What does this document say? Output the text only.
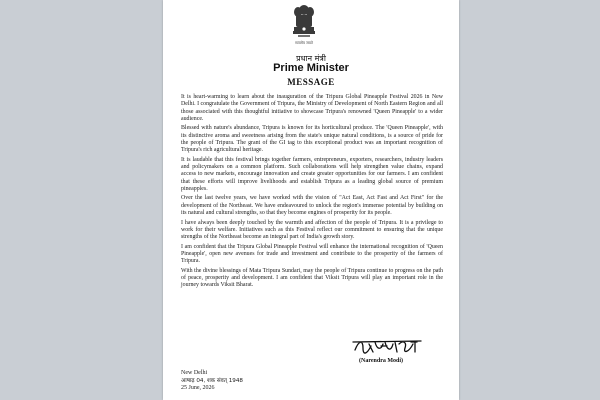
सत्यमेव जयते
प्रधान मंत्री
Prime Minister
MESSAGE

It is heart-warming to learn about the inauguration of the Tripura Global Pineapple Festival 2026 in New Delhi. I congratulate the Government of Tripura, the Ministry of Development of North Eastern Region and all those associated with this thoughtful initiative to showcase Tripura's renowned 'Queen Pineapple' to a wider audience.

Blessed with nature's abundance, Tripura is known for its horticultural produce. The 'Queen Pineapple', with its distinctive aroma and sweetness arising from the state's unique natural conditions, is a source of pride for the people of Tripura. The grant of the GI tag to this exceptional product was an important recognition of Tripura's rich agricultural heritage.

It is laudable that this festival brings together farmers, entrepreneurs, exporters, researchers, industry leaders and policymakers on a common platform. Such collaborations will help strengthen value chains, expand access to new markets, encourage innovation and create greater opportunities for our farmers. I am confident that these efforts will improve livelihoods and establish Tripura as a leading global source of premium pineapples.

Over the last twelve years, we have worked with the vision of "Act East, Act Fast and Act First" for the development of the Northeast. We have endeavoured to unlock the region's immense potential by building on its natural and cultural strengths, so that they become engines of prosperity for its people.

I have always been deeply touched by the warmth and affection of the people of Tripura. It is a privilege to work for their welfare. Initiatives such as this Festival reflect our commitment to ensuring that the unique strengths of the Northeast become an integral part of India's growth story.

I am confident that the Tripura Global Pineapple Festival will enhance the international recognition of 'Queen Pineapple', open new avenues for trade and investment and contribute to the prosperity of the farmers of Tripura.

With the divine blessings of Mata Tripura Sundari, may the people of Tripura continue to progress on the path of peace, prosperity and development. I am confident that Viksit Tripura will play an important role in the journey towards Viksit Bharat.

(Narendra Modi)
New Delhi
आषाढ़ 04, शक संवत् 1948
25 June, 2026
